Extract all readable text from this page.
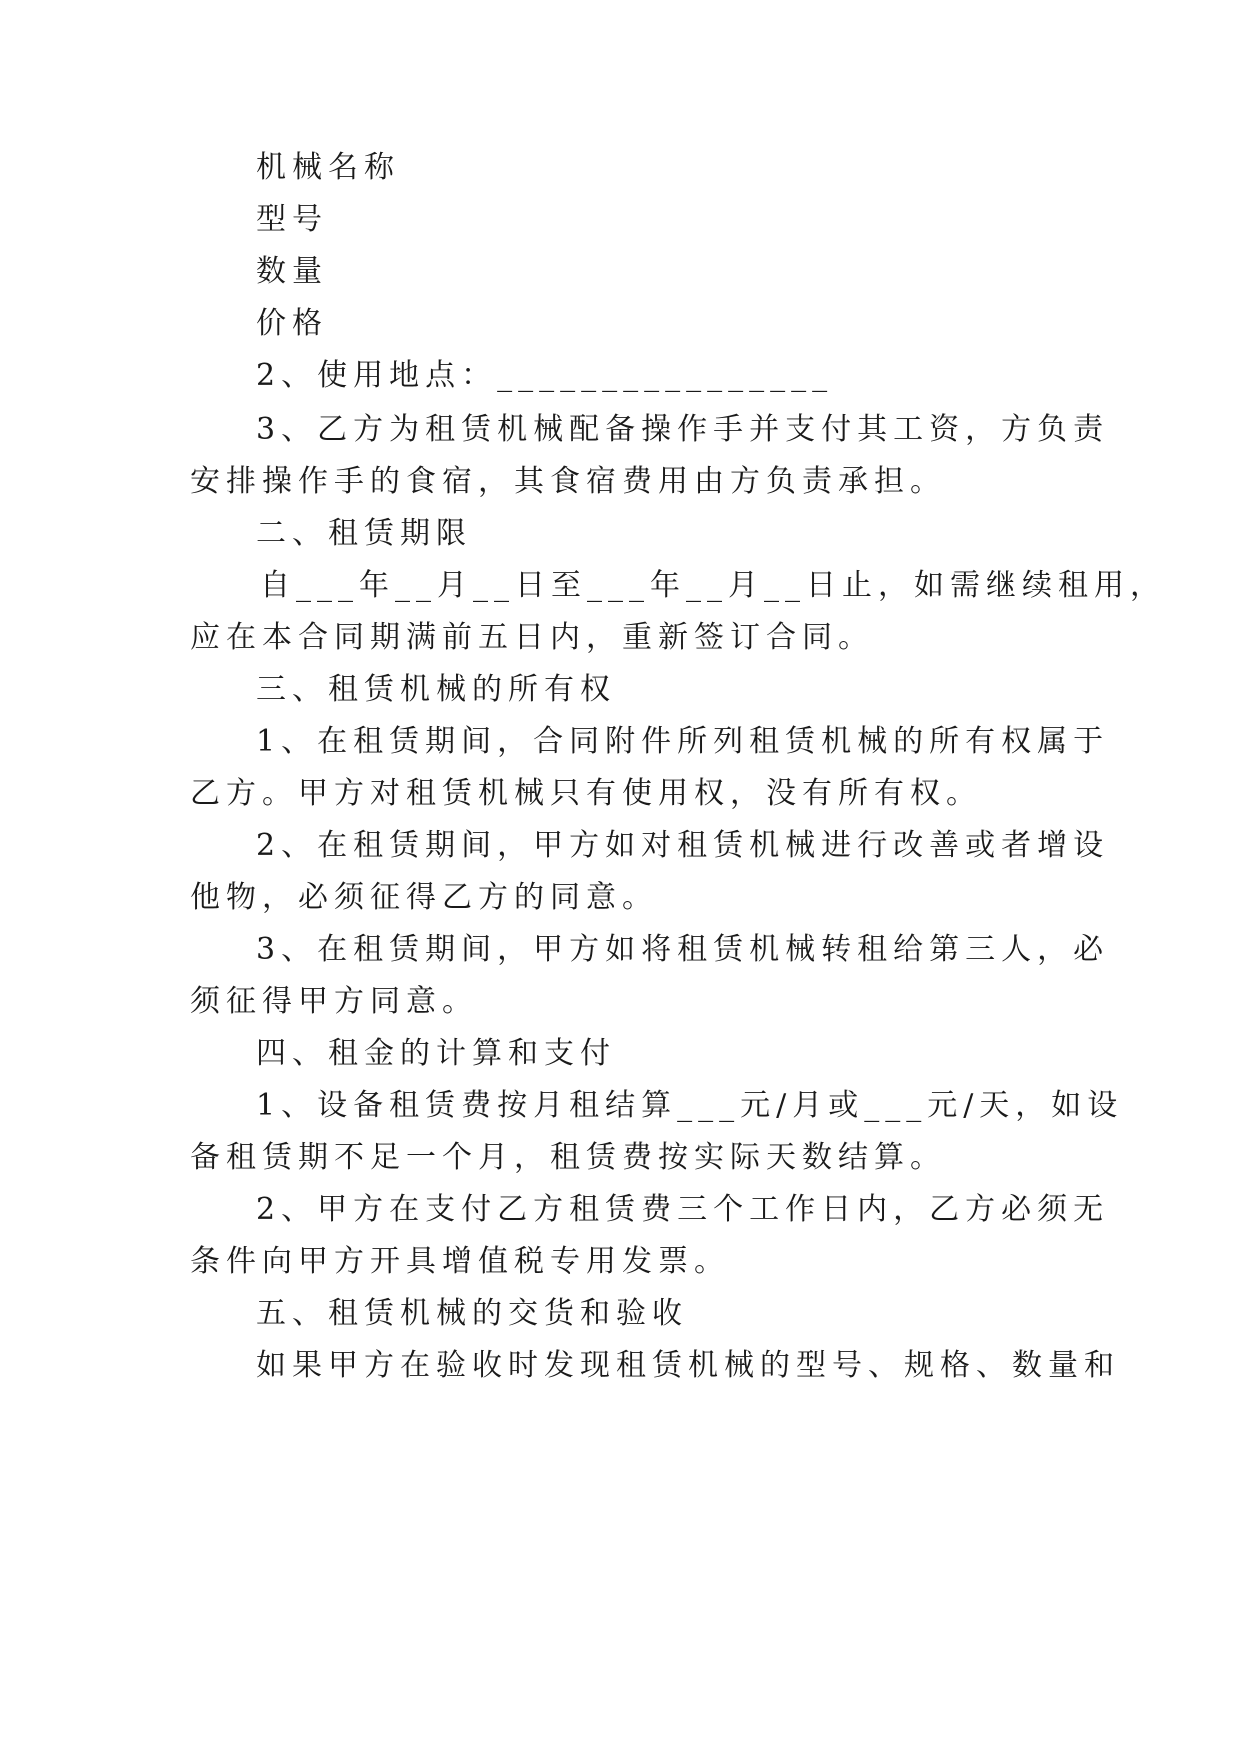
机械名称
型号
数量
价格
2、使用地点：________________
3、乙方为租赁机械配备操作手并支付其工资，方负责
安排操作手的食宿，其食宿费用由方负责承担。
二、租赁期限
自___年__月__日至___年__月__日止，如需继续租用，
应在本合同期满前五日内，重新签订合同。
三、租赁机械的所有权
1、在租赁期间，合同附件所列租赁机械的所有权属于
乙方。甲方对租赁机械只有使用权，没有所有权。
2、在租赁期间，甲方如对租赁机械进行改善或者增设
他物，必须征得乙方的同意。
3、在租赁期间，甲方如将租赁机械转租给第三人，必
须征得甲方同意。
四、租金的计算和支付
1、设备租赁费按月租结算___元/月或___元/天，如设
备租赁期不足一个月，租赁费按实际天数结算。
2、甲方在支付乙方租赁费三个工作日内，乙方必须无
条件向甲方开具增值税专用发票。
五、租赁机械的交货和验收
如果甲方在验收时发现租赁机械的型号、规格、数量和
